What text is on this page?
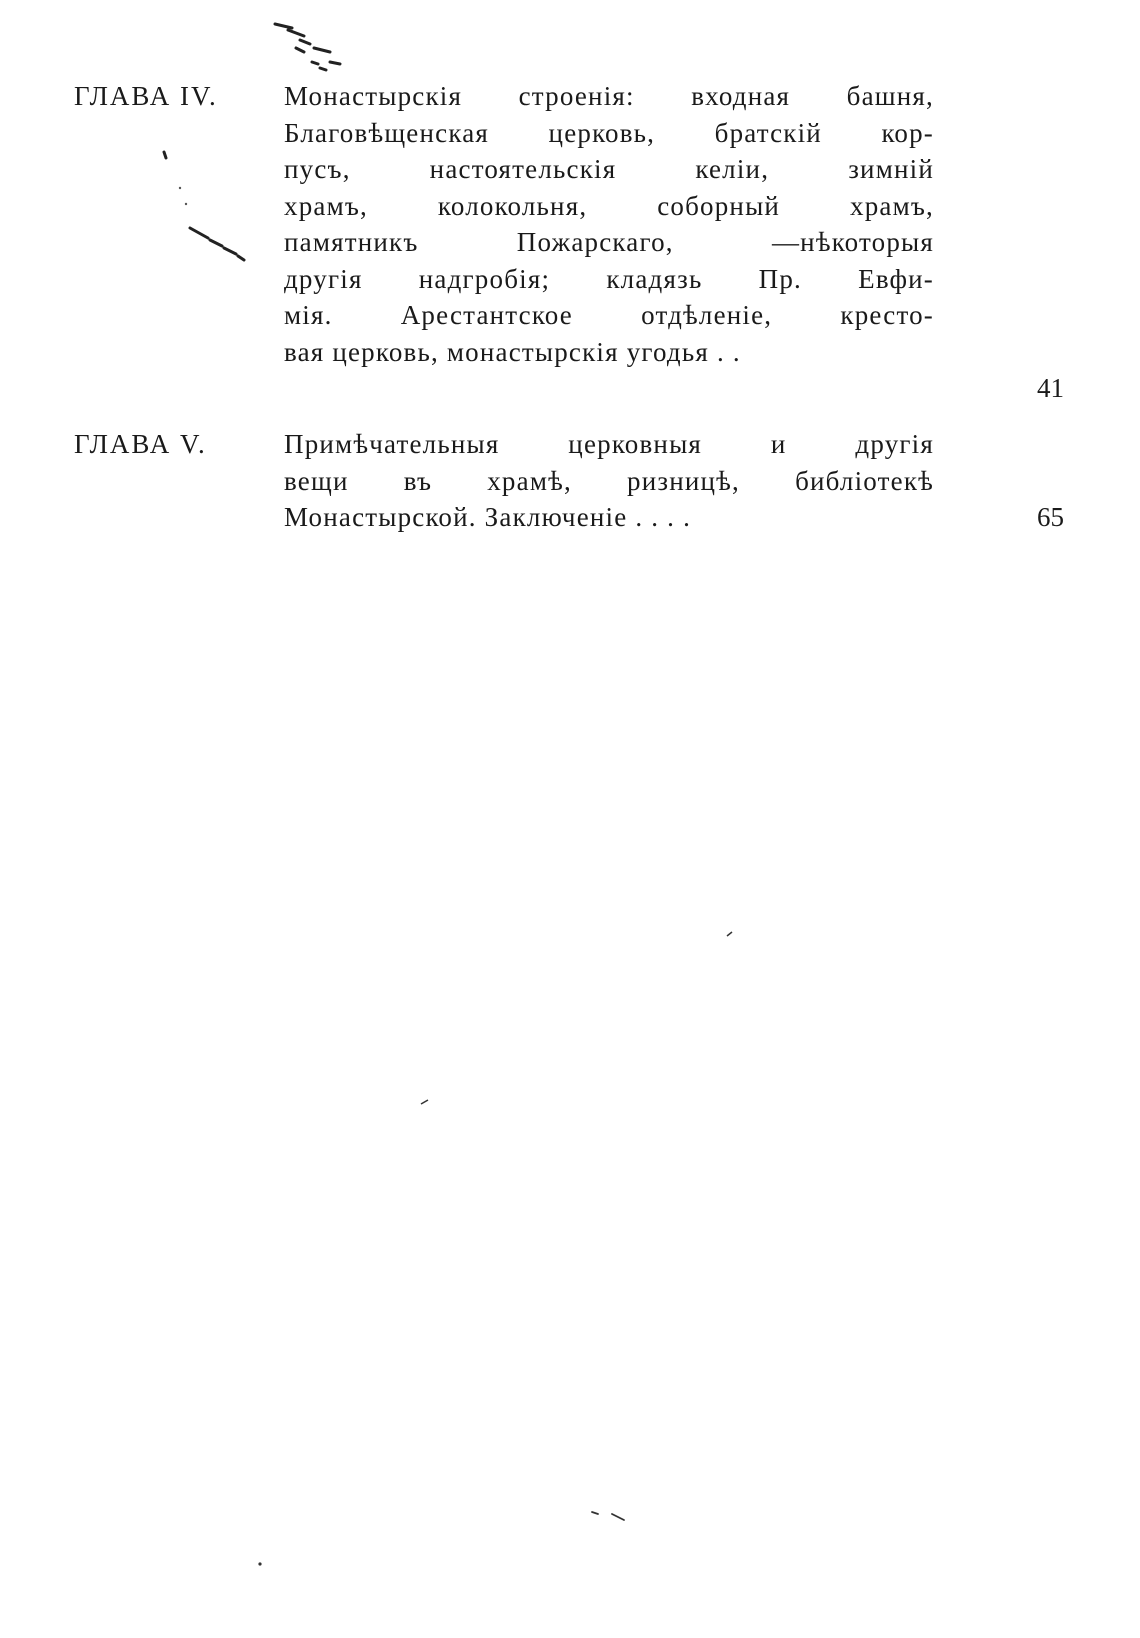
ГЛАВА IV. Монастырскія строенія: входная башня,
Благовѣщенская церковь, братскій кор-
пусъ, настоятельскія келіи, зимній
храмъ, колокольня, соборный храмъ,
памятникъ Пожарскаго, —нѣкоторыя
другія надгробія; кладязь Пр. Евфи-
мія. Арестантское отдѣленіе, кресто-
вая церковь, монастырскія угодья . .
41
ГЛАВА V.	Примѣчательныя церковныя и другія
вещи въ храмѣ, ризницѣ, библіотекѣ
Монастырской. Заключеніе . . . .	65
